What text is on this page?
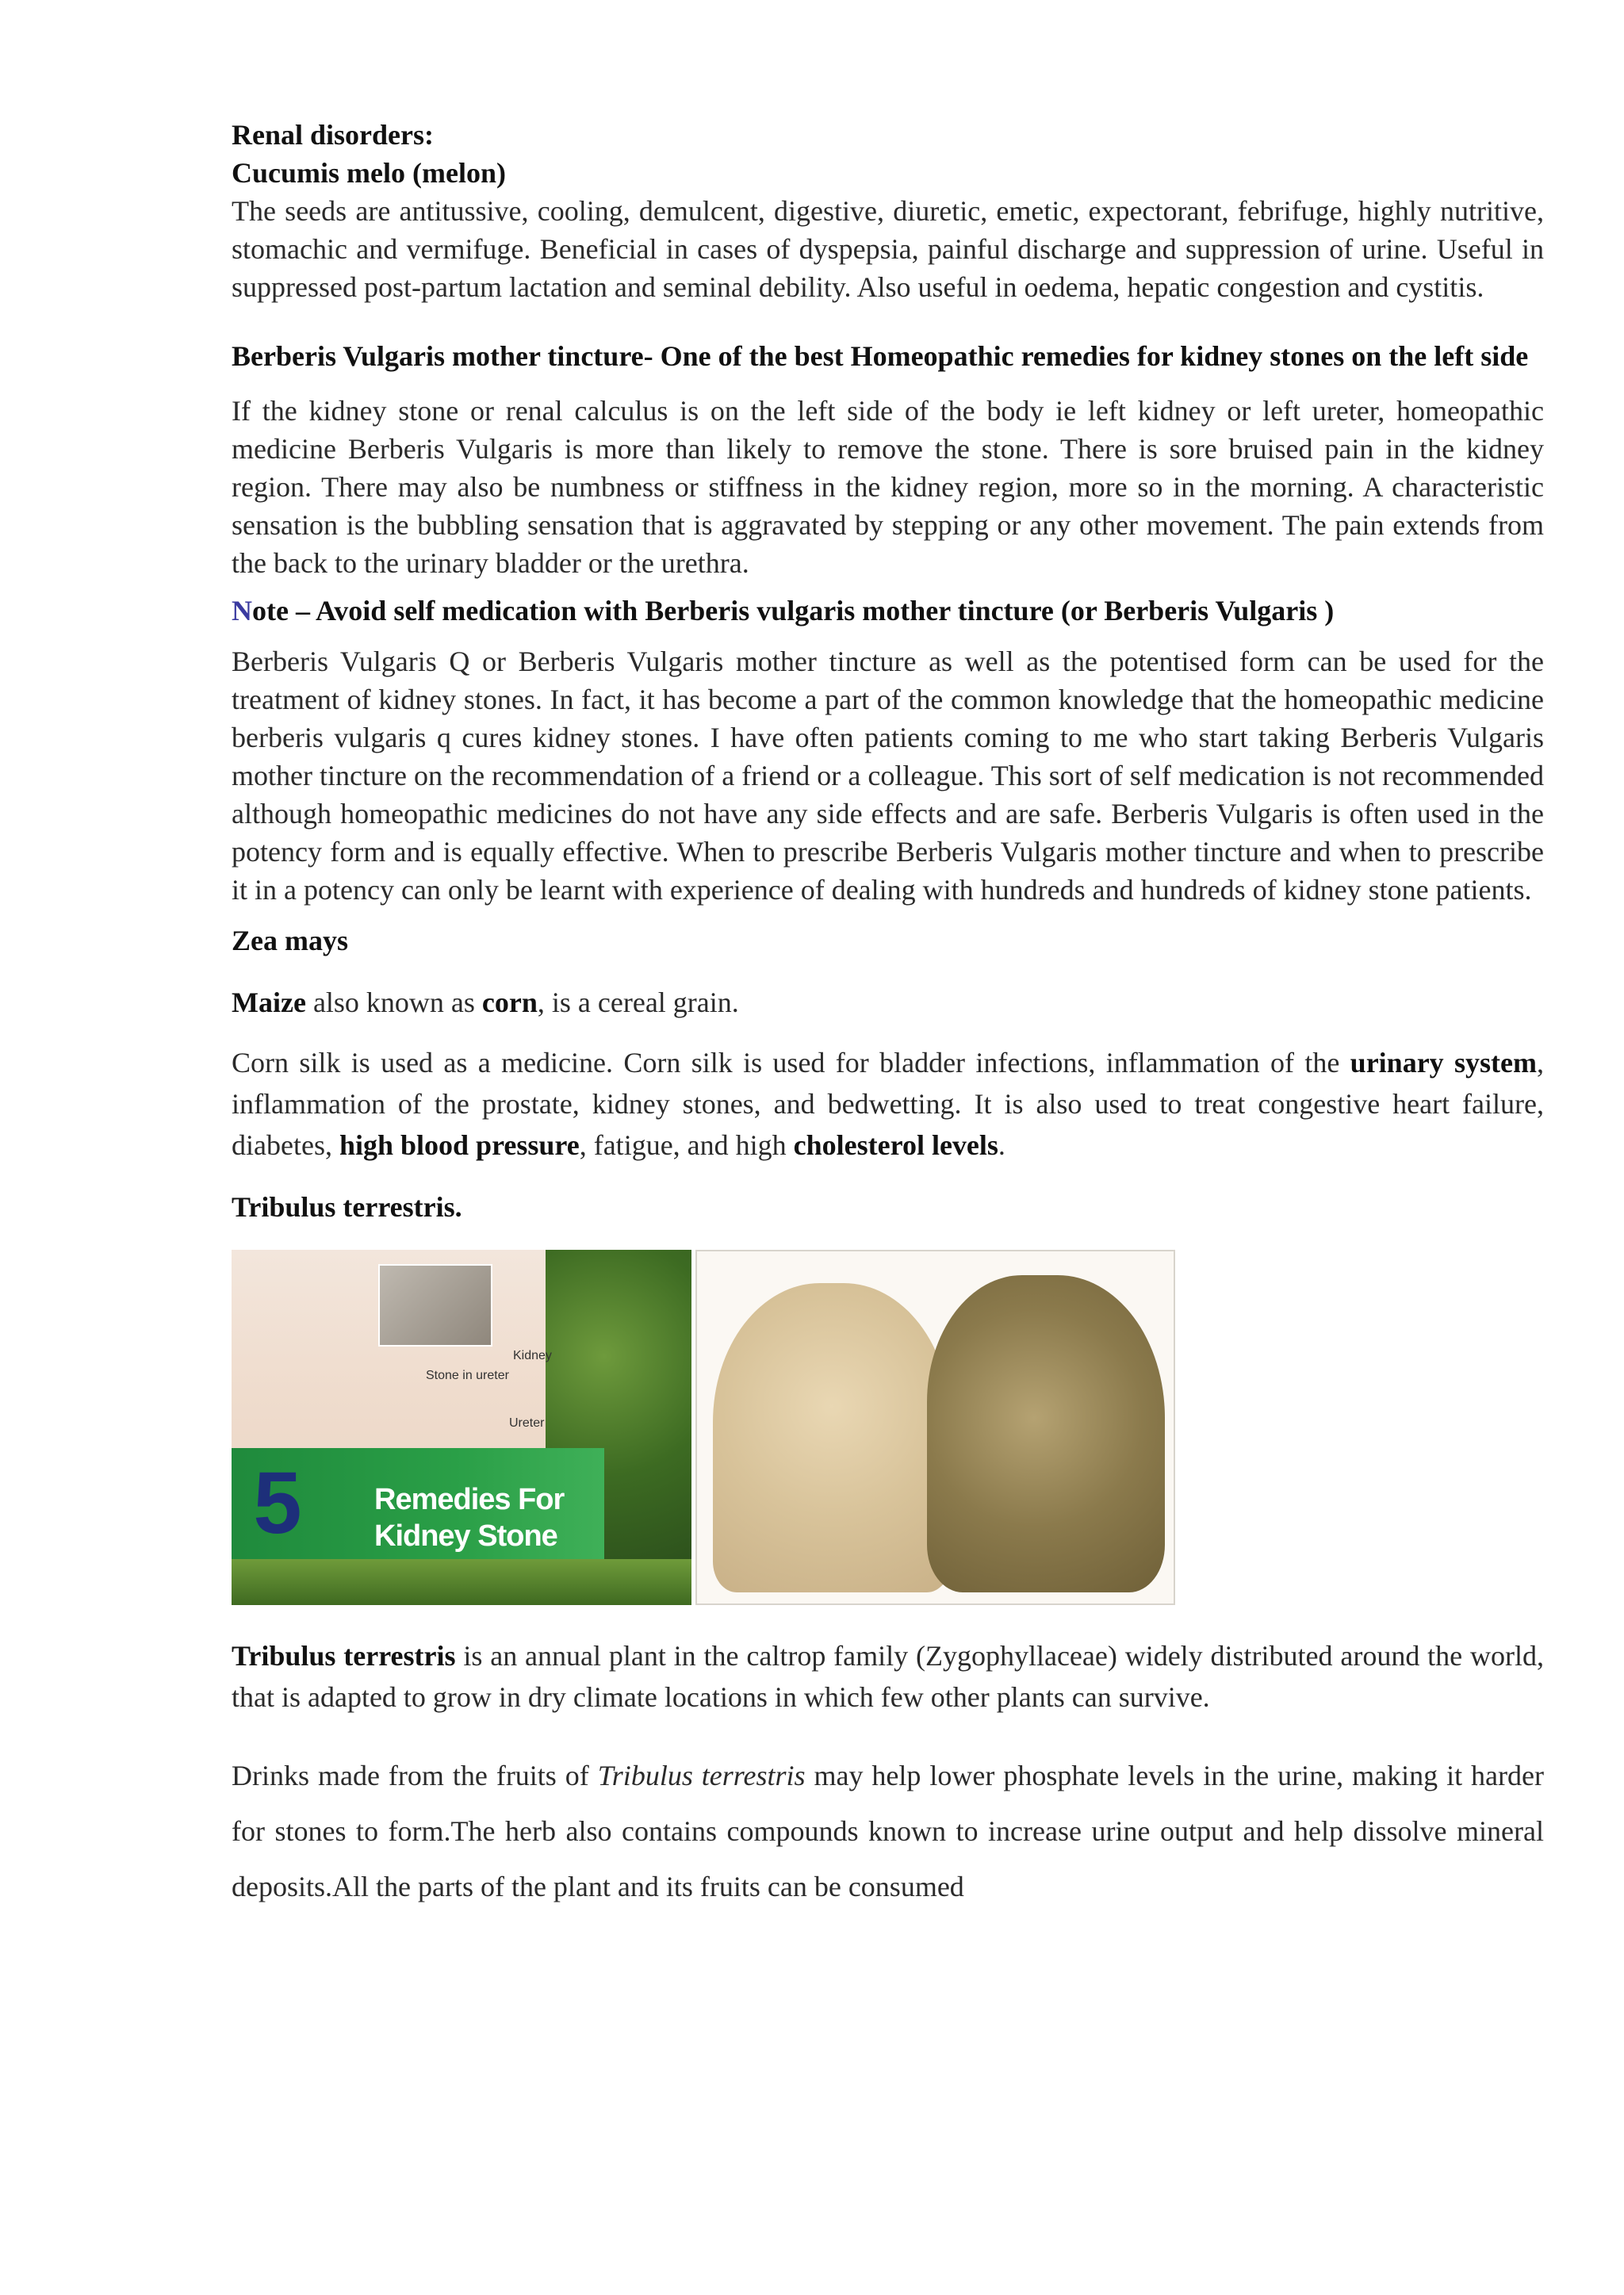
Renal disorders:
Cucumis melo (melon)

The seeds are antitussive, cooling, demulcent, digestive, diuretic, emetic, expectorant, febrifuge, highly nutritive, stomachic and vermifuge. Beneficial in cases of dyspepsia, painful discharge and suppression of urine. Useful in suppressed post-partum lactation and seminal debility. Also useful in oedema, hepatic congestion and cystitis.

Berberis Vulgaris mother tincture- One of the best Homeopathic remedies for kidney stones on the left side

If the kidney stone or renal calculus is on the left side of the body ie left kidney or left ureter, homeopathic medicine Berberis Vulgaris is more than likely to remove the stone. There is sore bruised pain in the kidney region. There may also be numbness or stiffness in the kidney region, more so in the morning. A characteristic sensation is the bubbling sensation that is aggravated by stepping or any other movement. The pain extends from the back to the urinary bladder or the urethra.

Note – Avoid self medication with Berberis vulgaris mother tincture (or Berberis Vulgaris )

Berberis Vulgaris Q or Berberis Vulgaris mother tincture as well as the potentised form can be used for the treatment of kidney stones. In fact, it has become a part of the common knowledge that the homeopathic medicine berberis vulgaris q cures kidney stones. I have often patients coming to me who start taking Berberis Vulgaris mother tincture on the recommendation of a friend or a colleague. This sort of self medication is not recommended although homeopathic medicines do not have any side effects and are safe. Berberis Vulgaris is often used in the potency form and is equally effective. When to prescribe Berberis Vulgaris mother tincture and when to prescribe it in a potency can only be learnt with experience of dealing with hundreds and hundreds of kidney stone patients.

Zea mays

Maize also known as corn, is a cereal grain.

Corn silk is used as a medicine. Corn silk is used for bladder infections, inflammation of the urinary system, inflammation of the prostate, kidney stones, and bedwetting. It is also used to treat congestive heart failure, diabetes, high blood pressure, fatigue, and high cholesterol levels.

Tribulus terrestris.
Stone in ureter
Kidney
Ureter
5 Remedies For
Kidney Stone

Tribulus terrestris is an annual plant in the caltrop family (Zygophyllaceae) widely distributed around the world, that is adapted to grow in dry climate locations in which few other plants can survive.

Drinks made from the fruits of Tribulus terrestris may help lower phosphate levels in the urine, making it harder for stones to form.The herb also contains compounds known to increase urine output and help dissolve mineral deposits.All the parts of the plant and its fruits can be consumed
